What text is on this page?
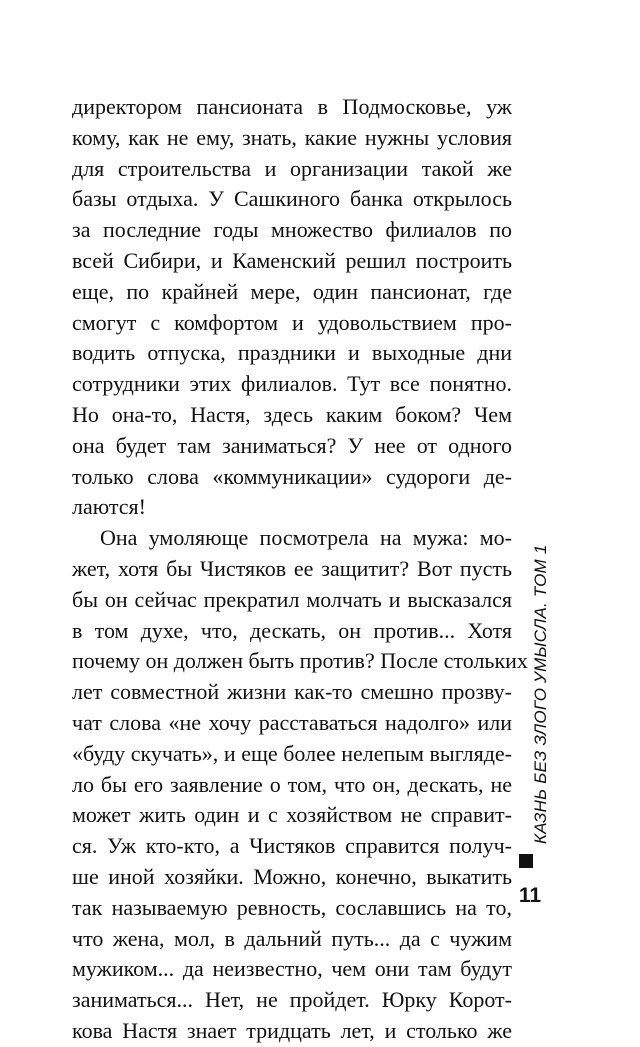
директором пансионата в Подмосковье, уж
кому, как не ему, знать, какие нужны условия
для строительства и организации такой же
базы отдыха. У Сашкиного банка открылось
за последние годы множество филиалов по
всей Сибири, и Каменский решил построить
еще, по крайней мере, один пансионат, где
смогут с комфортом и удовольствием про-
водить отпуска, праздники и выходные дни
сотрудники этих филиалов. Тут все понятно.
Но она-то, Настя, здесь каким боком? Чем
она будет там заниматься? У нее от одного
только слова «коммуникации» судороги де-
лаются!
Она умоляюще посмотрела на мужа: мо-
жет, хотя бы Чистяков ее защитит? Вот пусть
бы он сейчас прекратил молчать и высказался
в том духе, что, дескать, он против... Хотя
почему он должен быть против? После стольких
лет совместной жизни как-то смешно прозву-
чат слова «не хочу расставаться надолго» или
«буду скучать», и еще более нелепым выгляде-
ло бы его заявление о том, что он, дескать, не
может жить один и с хозяйством не справит-
ся. Уж кто-кто, а Чистяков справится получ-
ше иной хозяйки. Можно, конечно, выкатить
так называемую ревность, сославшись на то,
что жена, мол, в дальний путь... да с чужим
мужиком... да неизвестно, чем они там будут
заниматься... Нет, не пройдет. Юрку Корот-
кова Настя знает тридцать лет, и столько же
КАЗНЬ БЕЗ ЗЛОГО УМЫСЛА. ТОМ 1
11
